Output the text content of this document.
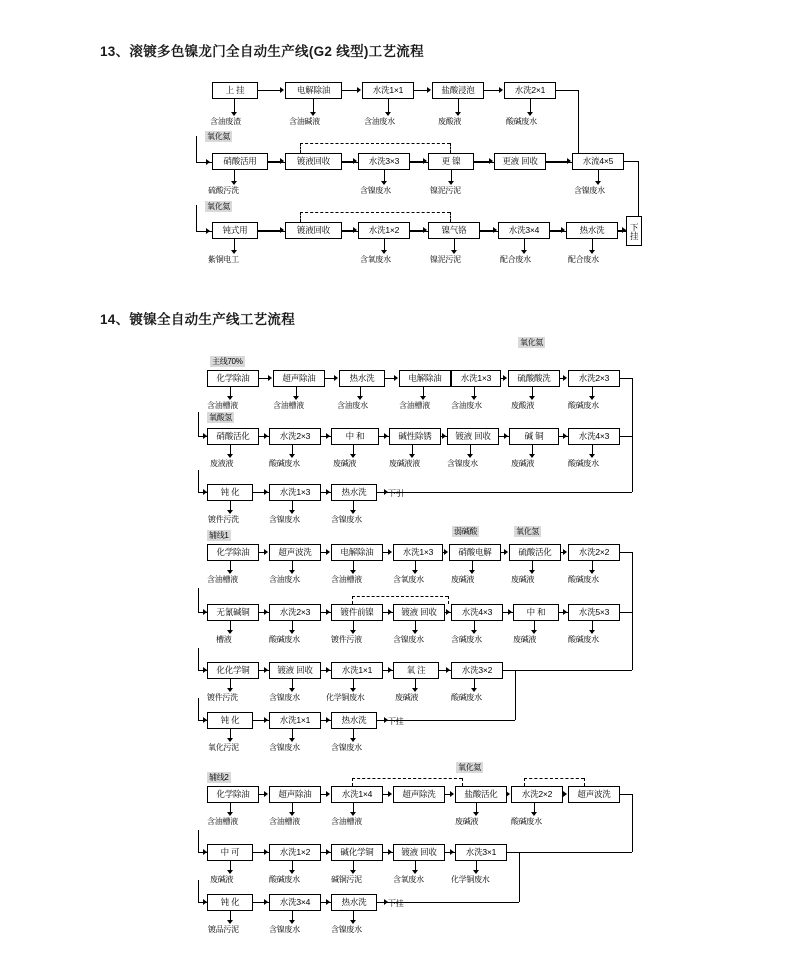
13、滚镀多色镍龙门全自动生产线(G2 线型)工艺流程
上 挂	电解除油	水洗1×1	盐酸浸泡	水洗2×1
含油废渣	含油碱液	含油废水	废酸液	酸碱废水
氧化氦
硝酸活用	镀液回收	水洗3×3	更 镍	更液 回收	水流4×5
硫酸污洗	含镍废水	镍泥污泥	含镍废水
氧化氦
钝式用	镀液回收	水洗1×2	镍气铬	水洗3×4	热水洗
紫铜电工	含氧废水	镍泥污泥	配合废水	配合废水
下挂
14、镀镍全自动生产线工艺流程
主线70%
氧化氦
化学除油	超声除油	热水洗	电解除油	水洗1×3	硫酸酸洗	水洗2×3
含油槽液	含油槽液	含油废水	含油槽液	含油废水	废酸液	酸碱废水
氧酸氢
硝酸活化	水洗2×3	中 和	碱性除锈	镀液 回收	碱 铜	水洗4×3
废液液	酸碱废水	废碱液	废碱液液	含镍废水	废碱液	酸碱废水
钝 化	水洗1×3	热水洗	下引
镀件污洗	含镍废水	含镍废水
辅线1	弱碱酸	氧化氢
化学除油	超声波洗	电解除油	水洗1×3	硝酸电解	硫酸活化	水洗2×2
含油槽液	含油废水	含油槽液	含氧废水	废碱液	废碱液	酸碱废水
无氰碱铜	水洗2×3	镀件前镍	镀液 回收	水洗4×3	中 和	水洗5×3
槽液	酸碱废水	镀件污液	含镍废水	含碱废水	废碱液	酸碱废水
化化学铜	镀液 回收	水洗1×1	氧 注	水洗3×2
镀件污洗	含镍废水	化学铜废水	废碱液	酸碱废水
钝 化	水洗1×1	热水洗	下挂
氧化污泥	含镍废水	含镍废水
辅线2
氧化氦
化学除油	超声除油	水洗1×4	超声除洗	盐酸活化	水洗2×2	超声波洗
含油槽液	含油槽液	含油槽液	废碱液	酸碱废水
中 可	水洗1×2	碱化学铜	镀液 回收	水洗3×1
废碱液	酸碱废水	碱铜污泥	含氧废水	化学铜废水
钝 化	水洗3×4	热水洗	下挂
镀品污泥	含镍废水	含镍废水
